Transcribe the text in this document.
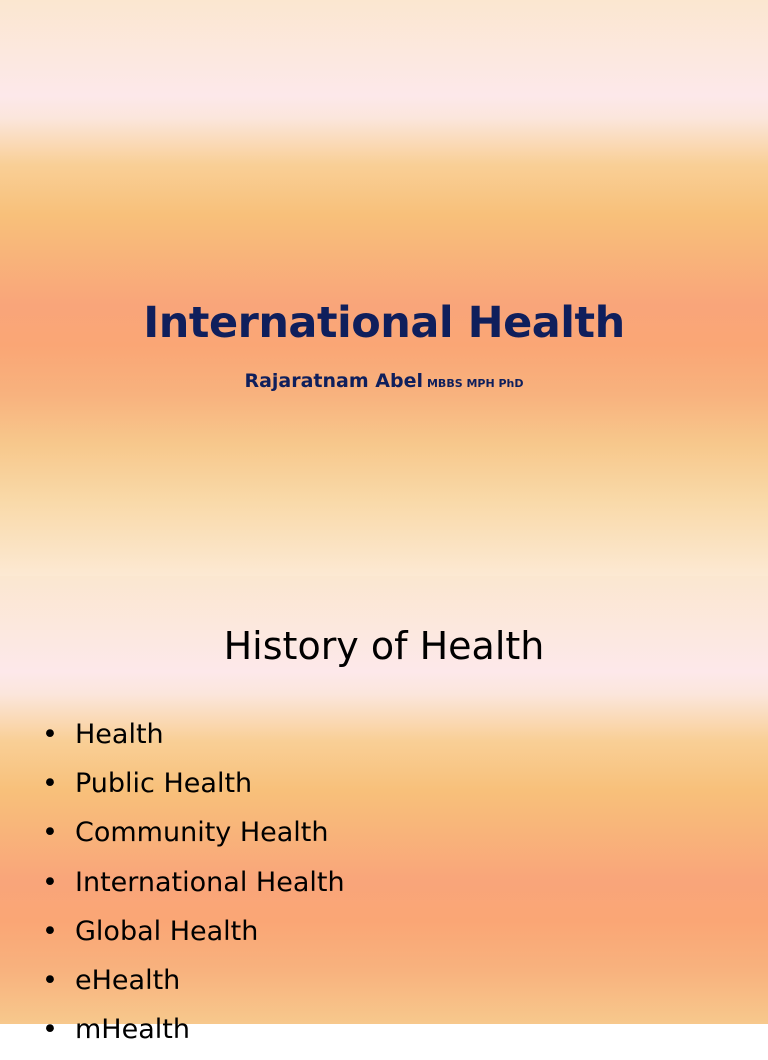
International Health
Rajaratnam Abel MBBS MPH PhD
History of Health
• Health
• Public Health
• Community Health
• International Health
• Global Health
• eHealth
• mHealth
